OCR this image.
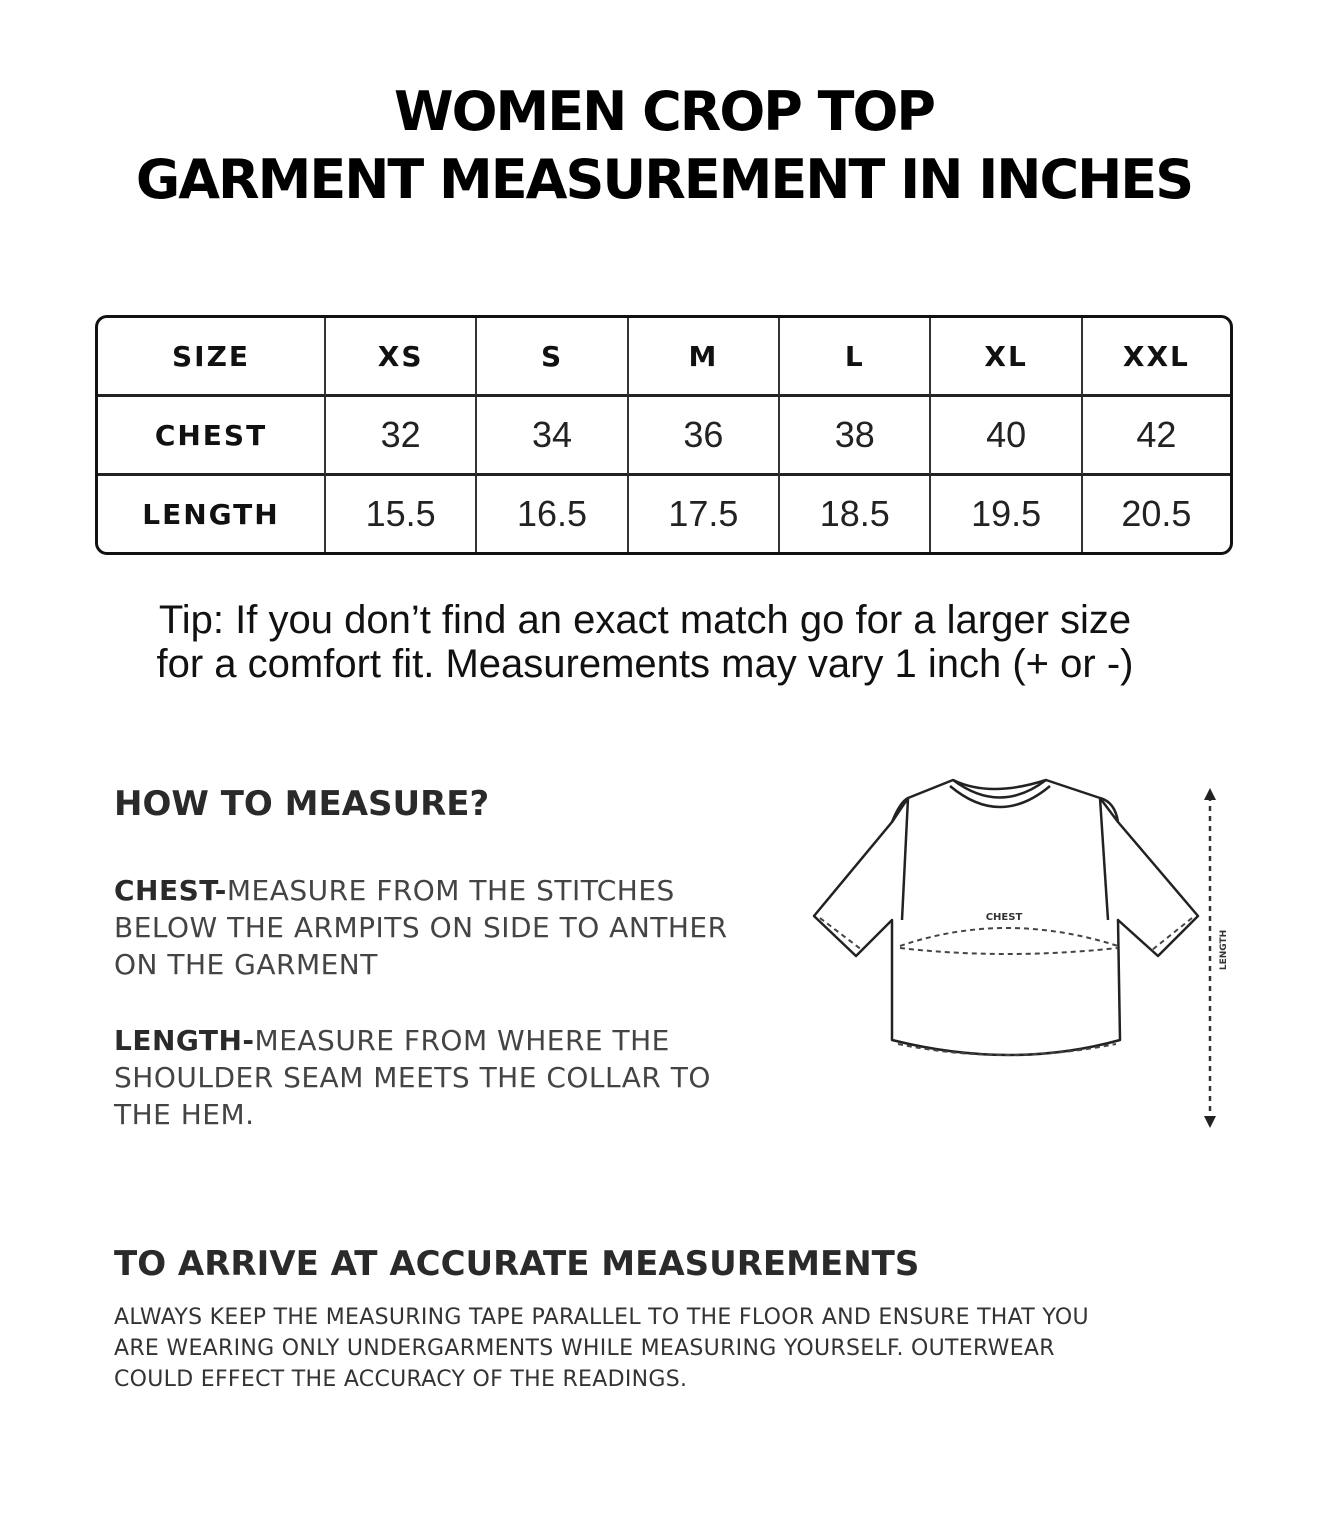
WOMEN CROP TOP
GARMENT MEASUREMENT IN INCHES
SIZE	XS	S	M	L	XL	XXL
CHEST	32	34	36	38	40	42
LENGTH	15.5	16.5	17.5	18.5	19.5	20.5
Tip: If you don’t find an exact match go for a larger size
for a comfort fit. Measurements may vary 1 inch (+ or -)
HOW TO MEASURE?
CHEST-MEASURE FROM THE STITCHES BELOW THE ARMPITS ON SIDE TO ANTHER ON THE GARMENT
LENGTH-MEASURE FROM WHERE THE SHOULDER SEAM MEETS THE COLLAR TO THE HEM.
CHEST
LENGTH
TO ARRIVE AT ACCURATE MEASUREMENTS
ALWAYS KEEP THE MEASURING TAPE PARALLEL TO THE FLOOR AND ENSURE THAT YOU ARE WEARING ONLY UNDERGARMENTS WHILE MEASURING YOURSELF. OUTERWEAR COULD EFFECT THE ACCURACY OF THE READINGS.
